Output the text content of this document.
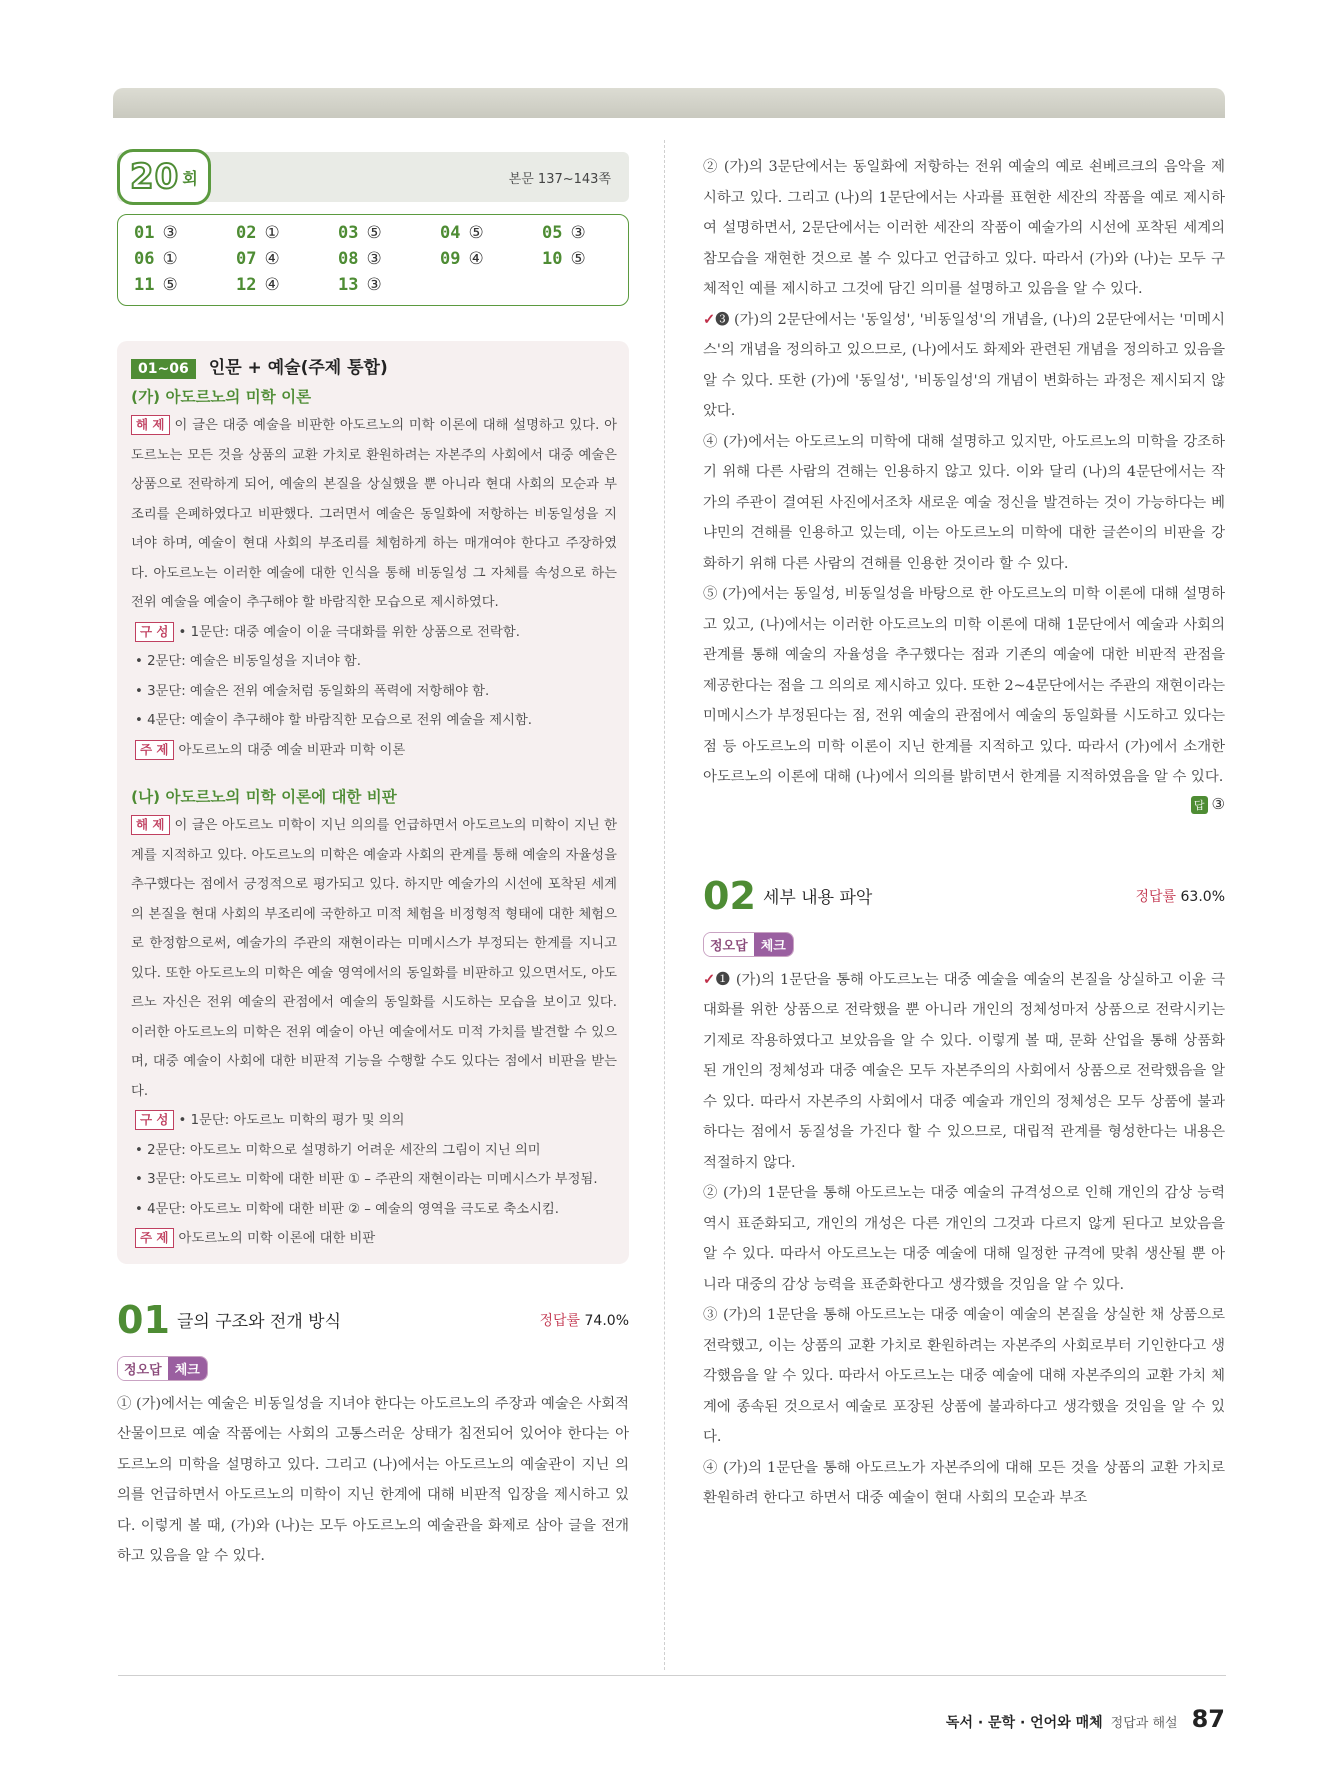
20 회	본문 137~143쪽
01 ③	02 ①	03 ⑤	04 ⑤	05 ③
06 ①	07 ④	08 ③	09 ④	10 ⑤
11 ⑤	12 ④	13 ③
01~06 인문 + 예술(주제 통합)
(가) 아도르노의 미학 이론

해 제 이 글은 대중 예술을 비판한 아도르노의 미학 이론에 대해 설명하고 있다. 아도르노는 모든 것을 상품의 교환 가치로 환원하려는 자본주의 사회에서 대중 예술은 상품으로 전락하게 되어, 예술의 본질을 상실했을 뿐 아니라 현대 사회의 모순과 부조리를 은폐하였다고 비판했다. 그러면서 예술은 동일화에 저항하는 비동일성을 지녀야 하며, 예술이 현대 사회의 부조리를 체험하게 하는 매개여야 한다고 주장하였다. 아도르노는 이러한 예술에 대한 인식을 통해 비동일성 그 자체를 속성으로 하는 전위 예술을 예술이 추구해야 할 바람직한 모습으로 제시하였다.

구 성 • 1문단: 대중 예술이 이윤 극대화를 위한 상품으로 전락함.
• 2문단: 예술은 비동일성을 지녀야 함.
• 3문단: 예술은 전위 예술처럼 동일화의 폭력에 저항해야 함.
• 4문단: 예술이 추구해야 할 바람직한 모습으로 전위 예술을 제시함.
주 제 아도르노의 대중 예술 비판과 미학 이론
(나) 아도르노의 미학 이론에 대한 비판

해 제 이 글은 아도르노 미학이 지닌 의의를 언급하면서 아도르노의 미학이 지닌 한계를 지적하고 있다. 아도르노의 미학은 예술과 사회의 관계를 통해 예술의 자율성을 추구했다는 점에서 긍정적으로 평가되고 있다. 하지만 예술가의 시선에 포착된 세계의 본질을 현대 사회의 부조리에 국한하고 미적 체험을 비정형적 형태에 대한 체험으로 한정함으로써, 예술가의 주관의 재현이라는 미메시스가 부정되는 한계를 지니고 있다. 또한 아도르노의 미학은 예술 영역에서의 동일화를 비판하고 있으면서도, 아도르노 자신은 전위 예술의 관점에서 예술의 동일화를 시도하는 모습을 보이고 있다. 이러한 아도르노의 미학은 전위 예술이 아닌 예술에서도 미적 가치를 발견할 수 있으며, 대중 예술이 사회에 대한 비판적 기능을 수행할 수도 있다는 점에서 비판을 받는다.

구 성 • 1문단: 아도르노 미학의 평가 및 의의
• 2문단: 아도르노 미학으로 설명하기 어려운 세잔의 그림이 지닌 의미
• 3문단: 아도르노 미학에 대한 비판 ① – 주관의 재현이라는 미메시스가 부정됨.
• 4문단: 아도르노 미학에 대한 비판 ② – 예술의 영역을 극도로 축소시킴.
주 제 아도르노의 미학 이론에 대한 비판
01 글의 구조와 전개 방식	정답률 74.0%
정오답	체크

① (가)에서는 예술은 비동일성을 지녀야 한다는 아도르노의 주장과 예술은 사회적 산물이므로 예술 작품에는 사회의 고통스러운 상태가 침전되어 있어야 한다는 아도르노의 미학을 설명하고 있다. 그리고 (나)에서는 아도르노의 예술관이 지닌 의의를 언급하면서 아도르노의 미학이 지닌 한계에 대해 비판적 입장을 제시하고 있다. 이렇게 볼 때, (가)와 (나)는 모두 아도르노의 예술관을 화제로 삼아 글을 전개하고 있음을 알 수 있다.

② (가)의 3문단에서는 동일화에 저항하는 전위 예술의 예로 쇤베르크의 음악을 제시하고 있다. 그리고 (나)의 1문단에서는 사과를 표현한 세잔의 작품을 예로 제시하여 설명하면서, 2문단에서는 이러한 세잔의 작품이 예술가의 시선에 포착된 세계의 참모습을 재현한 것으로 볼 수 있다고 언급하고 있다. 따라서 (가)와 (나)는 모두 구체적인 예를 제시하고 그것에 담긴 의미를 설명하고 있음을 알 수 있다.

✓❸ (가)의 2문단에서는 '동일성', '비동일성'의 개념을, (나)의 2문단에서는 '미메시스'의 개념을 정의하고 있으므로, (나)에서도 화제와 관련된 개념을 정의하고 있음을 알 수 있다. 또한 (가)에 '동일성', '비동일성'의 개념이 변화하는 과정은 제시되지 않았다.

④ (가)에서는 아도르노의 미학에 대해 설명하고 있지만, 아도르노의 미학을 강조하기 위해 다른 사람의 견해는 인용하지 않고 있다. 이와 달리 (나)의 4문단에서는 작가의 주관이 결여된 사진에서조차 새로운 예술 정신을 발견하는 것이 가능하다는 베냐민의 견해를 인용하고 있는데, 이는 아도르노의 미학에 대한 글쓴이의 비판을 강화하기 위해 다른 사람의 견해를 인용한 것이라 할 수 있다.

⑤ (가)에서는 동일성, 비동일성을 바탕으로 한 아도르노의 미학 이론에 대해 설명하고 있고, (나)에서는 이러한 아도르노의 미학 이론에 대해 1문단에서 예술과 사회의 관계를 통해 예술의 자율성을 추구했다는 점과 기존의 예술에 대한 비판적 관점을 제공한다는 점을 그 의의로 제시하고 있다. 또한 2~4문단에서는 주관의 재현이라는 미메시스가 부정된다는 점, 전위 예술의 관점에서 예술의 동일화를 시도하고 있다는 점 등 아도르노의 미학 이론이 지닌 한계를 지적하고 있다. 따라서 (가)에서 소개한 아도르노의 이론에 대해 (나)에서 의의를 밝히면서 한계를 지적하였음을 알 수 있다.

답 ③
02 세부 내용 파악	정답률 63.0%
정오답	체크

✓❶ (가)의 1문단을 통해 아도르노는 대중 예술을 예술의 본질을 상실하고 이윤 극대화를 위한 상품으로 전락했을 뿐 아니라 개인의 정체성마저 상품으로 전락시키는 기제로 작용하였다고 보았음을 알 수 있다. 이렇게 볼 때, 문화 산업을 통해 상품화된 개인의 정체성과 대중 예술은 모두 자본주의의 사회에서 상품으로 전락했음을 알 수 있다. 따라서 자본주의 사회에서 대중 예술과 개인의 정체성은 모두 상품에 불과하다는 점에서 동질성을 가진다 할 수 있으므로, 대립적 관계를 형성한다는 내용은 적절하지 않다.

② (가)의 1문단을 통해 아도르노는 대중 예술의 규격성으로 인해 개인의 감상 능력 역시 표준화되고, 개인의 개성은 다른 개인의 그것과 다르지 않게 된다고 보았음을 알 수 있다. 따라서 아도르노는 대중 예술에 대해 일정한 규격에 맞춰 생산될 뿐 아니라 대중의 감상 능력을 표준화한다고 생각했을 것임을 알 수 있다.

③ (가)의 1문단을 통해 아도르노는 대중 예술이 예술의 본질을 상실한 채 상품으로 전락했고, 이는 상품의 교환 가치로 환원하려는 자본주의 사회로부터 기인한다고 생각했음을 알 수 있다. 따라서 아도르노는 대중 예술에 대해 자본주의의 교환 가치 체계에 종속된 것으로서 예술로 포장된 상품에 불과하다고 생각했을 것임을 알 수 있다.

④ (가)의 1문단을 통해 아도르노가 자본주의에 대해 모든 것을 상품의 교환 가치로 환원하려 한다고 하면서 대중 예술이 현대 사회의 모순과 부조

독서 · 문학 · 언어와 매체 정답과 해설 87
